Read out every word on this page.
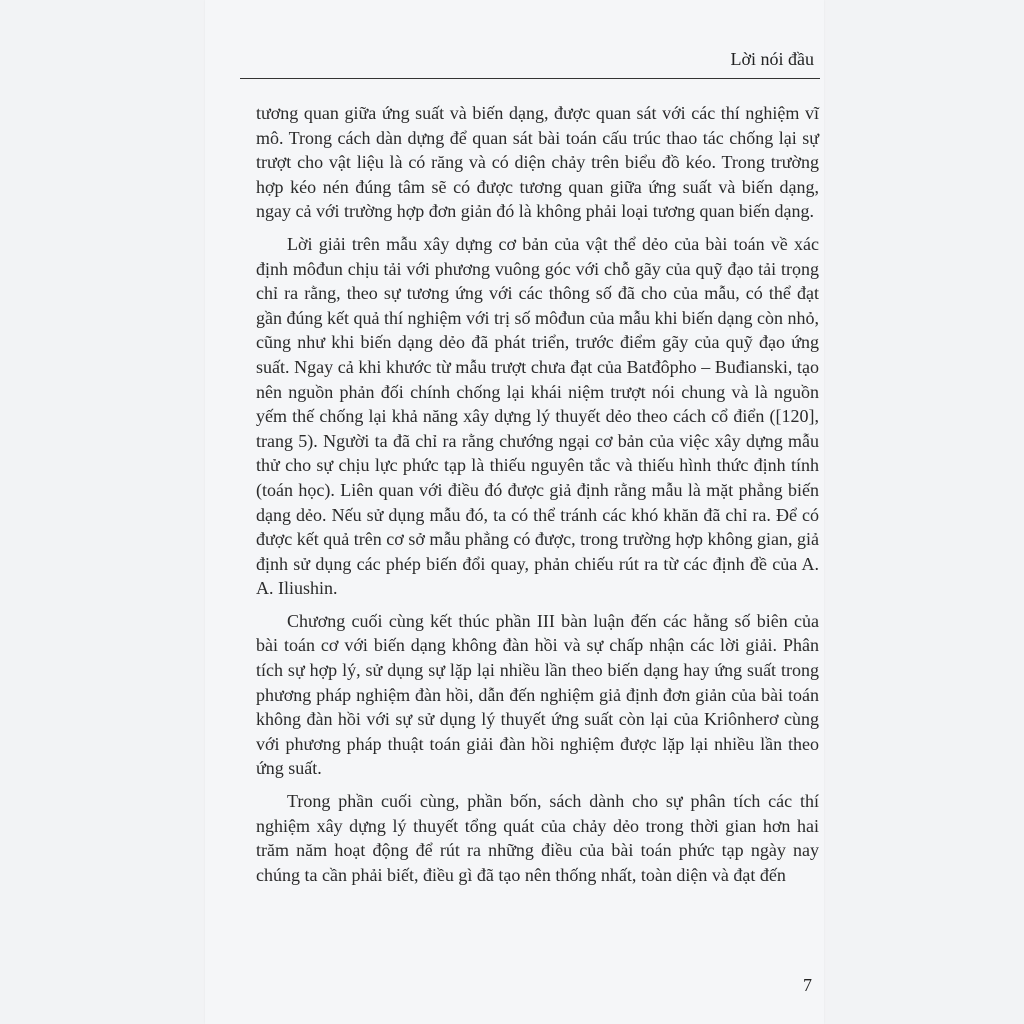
Lời nói đầu

tương quan giữa ứng suất và biến dạng, được quan sát với các thí nghiệm vĩ mô. Trong cách dàn dựng để quan sát bài toán cấu trúc thao tác chống lại sự trượt cho vật liệu là có răng và có diện chảy trên biểu đồ kéo. Trong trường hợp kéo nén đúng tâm sẽ có được tương quan giữa ứng suất và biến dạng, ngay cả với trường hợp đơn giản đó là không phải loại tương quan biến dạng.

Lời giải trên mẫu xây dựng cơ bản của vật thể dẻo của bài toán về xác định môđun chịu tải với phương vuông góc với chỗ gãy của quỹ đạo tải trọng chỉ ra rằng, theo sự tương ứng với các thông số đã cho của mẫu, có thể đạt gần đúng kết quả thí nghiệm với trị số môđun của mẫu khi biến dạng còn nhỏ, cũng như khi biến dạng dẻo đã phát triển, trước điểm gãy của quỹ đạo ứng suất. Ngay cả khi khước từ mẫu trượt chưa đạt của Batđôpho – Buđianski, tạo nên nguồn phản đối chính chống lại khái niệm trượt nói chung và là nguồn yếm thế chống lại khả năng xây dựng lý thuyết dẻo theo cách cổ điển ([120], trang 5). Người ta đã chỉ ra rằng chướng ngại cơ bản của việc xây dựng mẫu thử cho sự chịu lực phức tạp là thiếu nguyên tắc và thiếu hình thức định tính (toán học). Liên quan với điều đó được giả định rằng mẫu là mặt phẳng biến dạng dẻo. Nếu sử dụng mẫu đó, ta có thể tránh các khó khăn đã chỉ ra. Để có được kết quả trên cơ sở mẫu phẳng có được, trong trường hợp không gian, giả định sử dụng các phép biến đổi quay, phản chiếu rút ra từ các định đề của A. A. Iliushin.

Chương cuối cùng kết thúc phần III bàn luận đến các hằng số biên của bài toán cơ với biến dạng không đàn hồi và sự chấp nhận các lời giải. Phân tích sự hợp lý, sử dụng sự lặp lại nhiều lần theo biến dạng hay ứng suất trong phương pháp nghiệm đàn hồi, dẫn đến nghiệm giả định đơn giản của bài toán không đàn hồi với sự sử dụng lý thuyết ứng suất còn lại của Kriônherơ cùng với phương pháp thuật toán giải đàn hồi nghiệm được lặp lại nhiều lần theo ứng suất.

Trong phần cuối cùng, phần bốn, sách dành cho sự phân tích các thí nghiệm xây dựng lý thuyết tổng quát của chảy dẻo trong thời gian hơn hai trăm năm hoạt động để rút ra những điều của bài toán phức tạp ngày nay chúng ta cần phải biết, điều gì đã tạo nên thống nhất, toàn diện và đạt đến

7
